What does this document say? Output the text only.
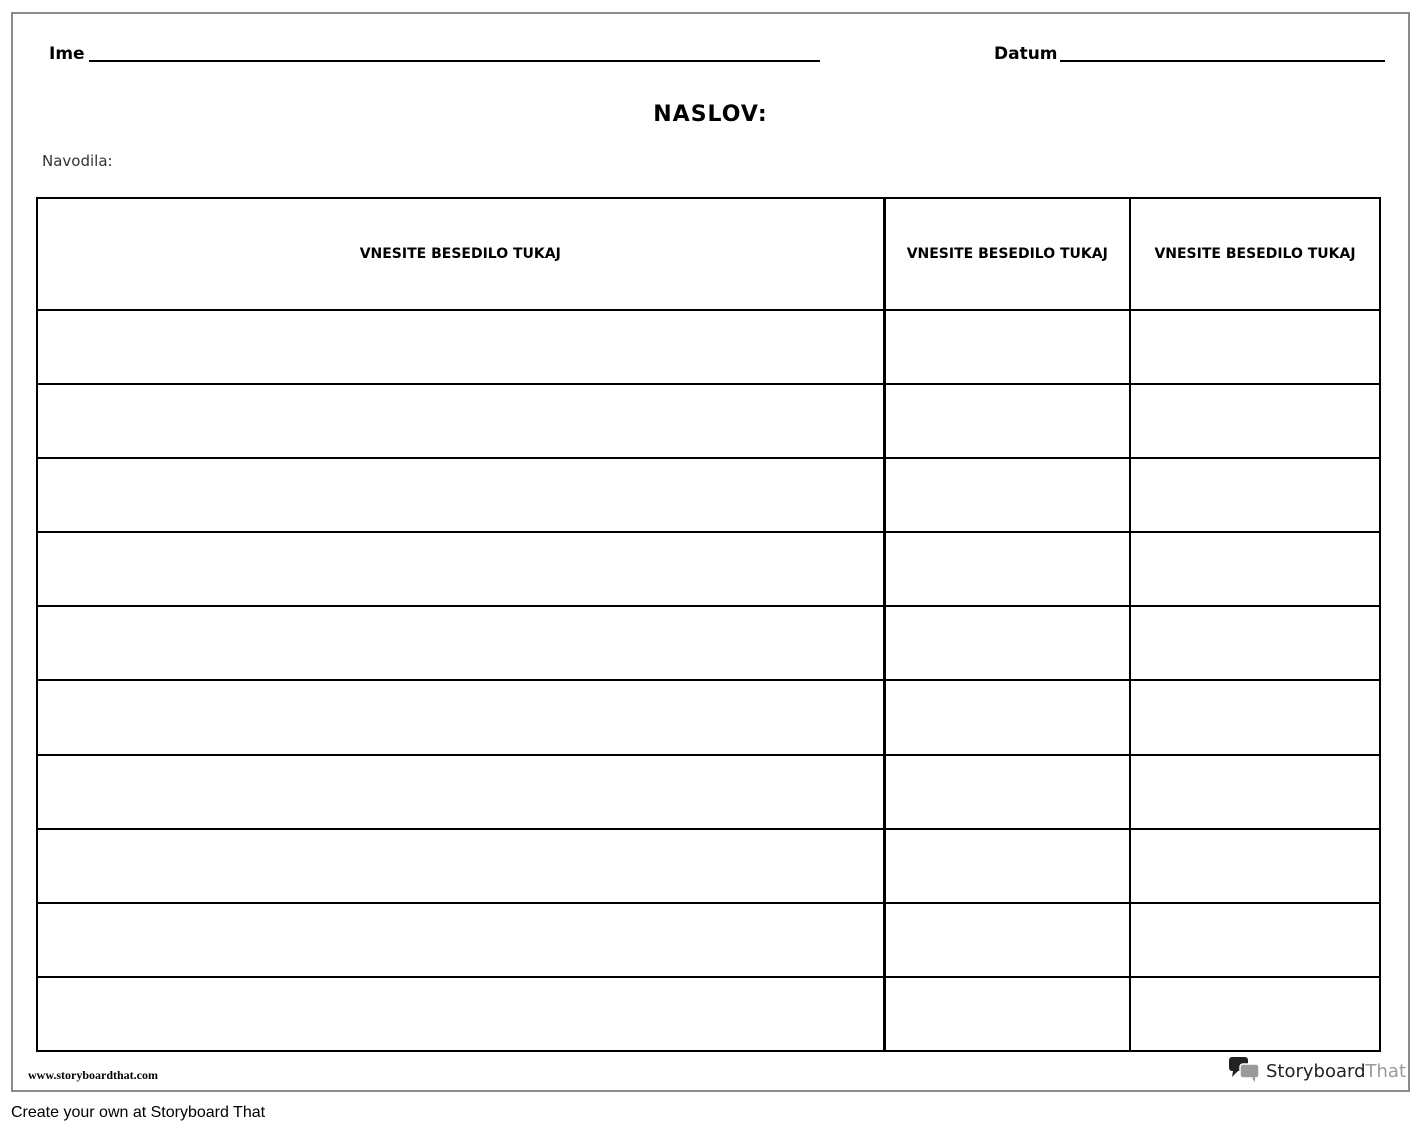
Ime	Datum
NASLOV:
Navodila:
VNESITE BESEDILO TUKAJ	VNESITE BESEDILO TUKAJ	VNESITE BESEDILO TUKAJ

www.storyboardthat.com	Storyboard That
Create your own at Storyboard That
